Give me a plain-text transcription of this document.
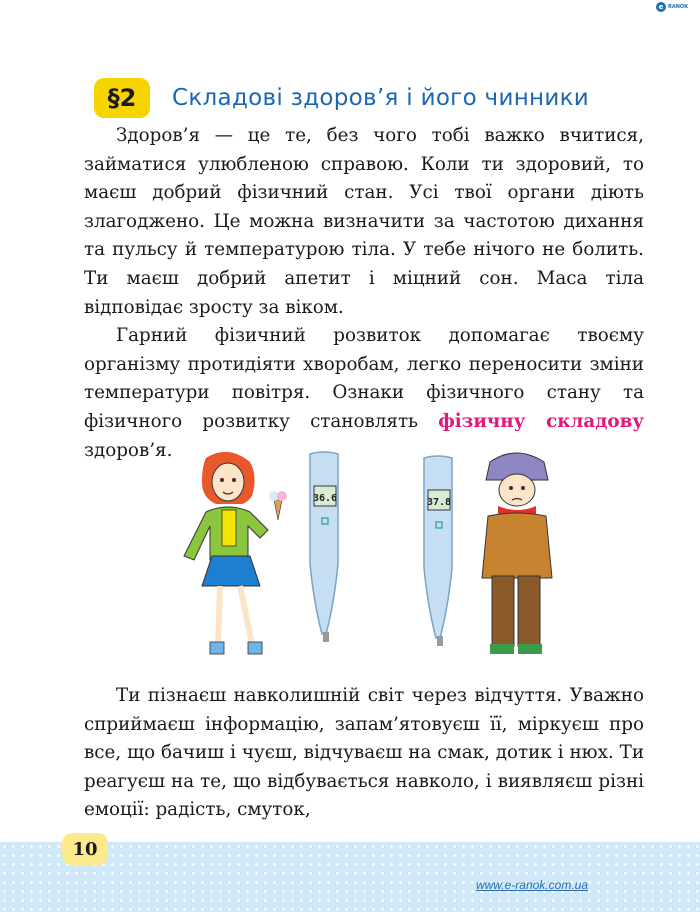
e RANOK
§2	Складові здоров’я і його чинники

Здоров’я — це те, без чого тобі важко вчитися, займатися улюбленою справою. Коли ти здоровий, то маєш добрий фізичний стан. Усі твої органи діють злагоджено. Це можна визначити за частотою дихання та пульсу й температурою тіла. У тебе нічого не болить. Ти маєш добрий апетит і міцний сон. Маса тіла відповідає зросту за віком.

Гарний фізичний розвиток допомагає твоєму організму протидіяти хворобам, легко переносити зміни температури повітря. Ознаки фізичного стану та фізичного розвитку становлять фізичну складову здоров’я.

36.6	37.8

Ти пізнаєш навколишній світ через відчуття. Уважно сприймаєш інформацію, запам’ятовуєш її, міркуєш про все, що бачиш і чуєш, відчуваєш на смак, дотик і нюх. Ти реагуєш на те, що відбувається навколо, і виявляєш різні емоції: радість, смуток,

10
www.e-ranok.com.ua
